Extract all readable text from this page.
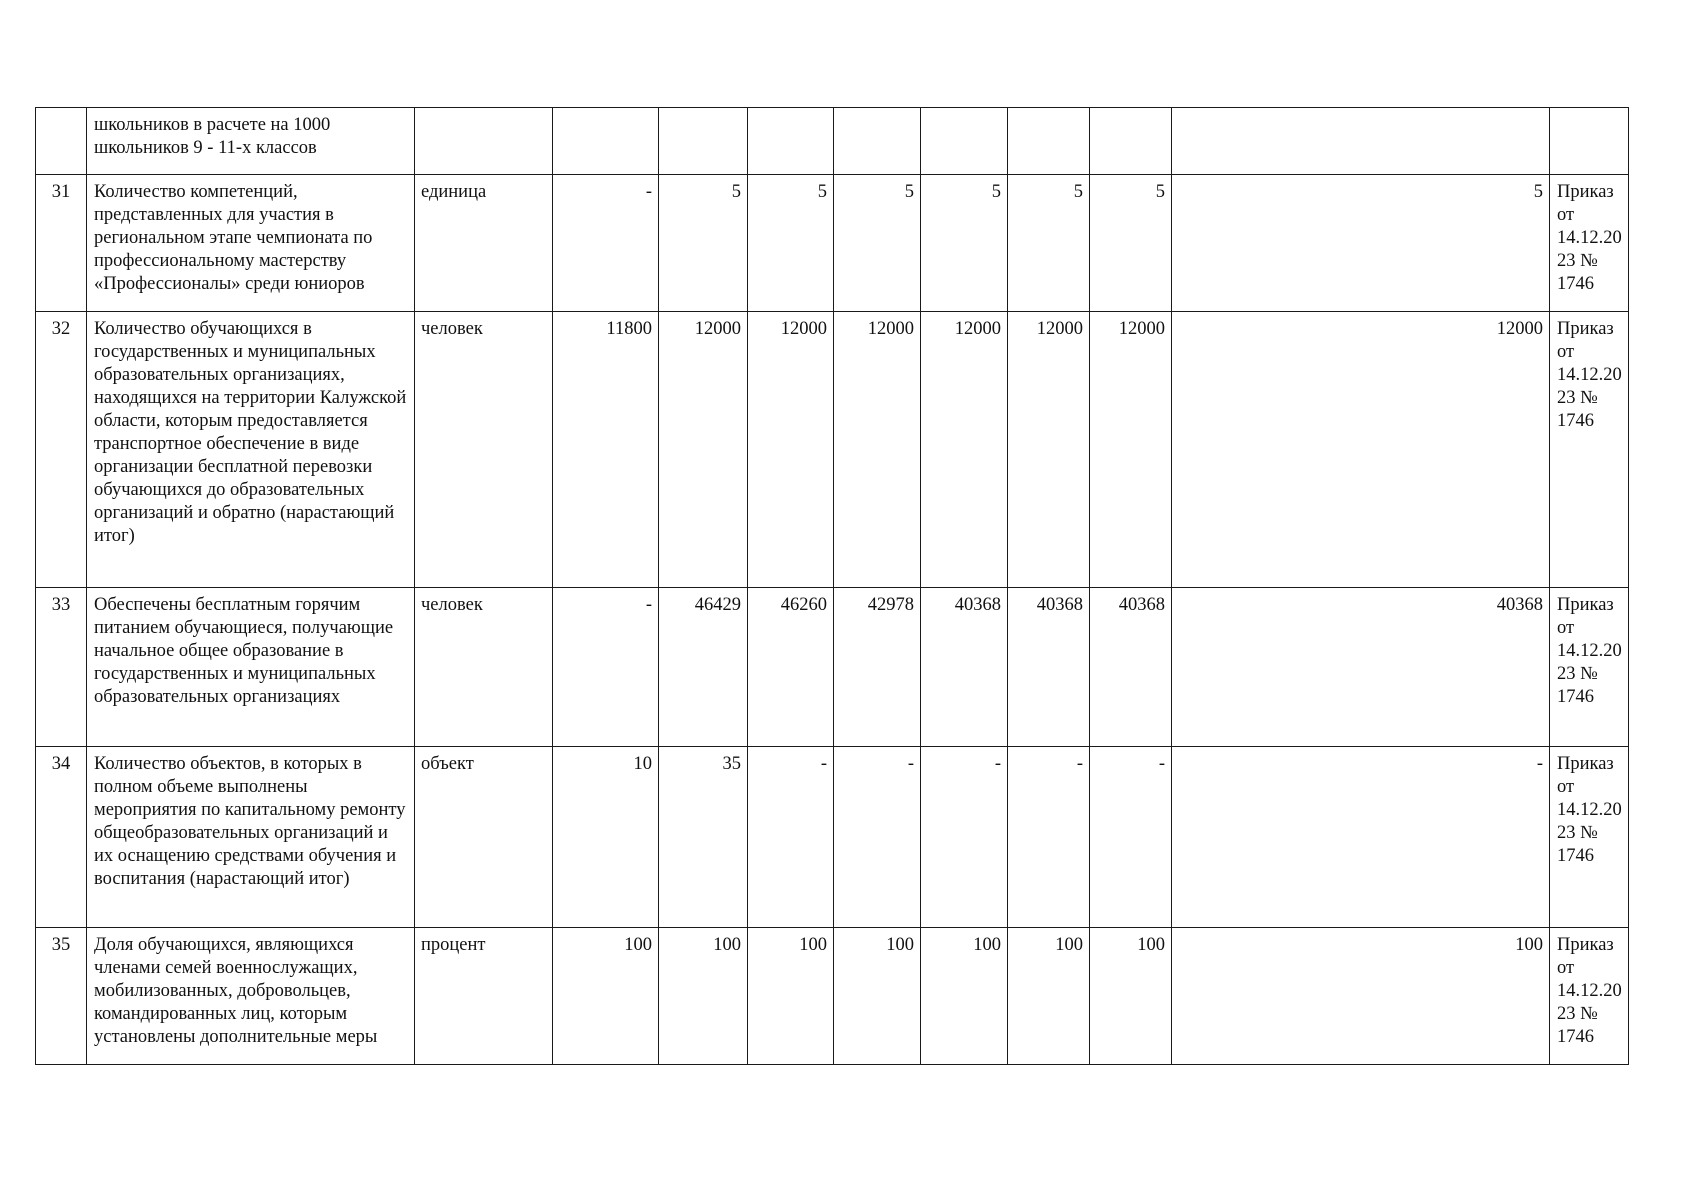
	школьников в расчете на 1000 школьников 9 - 11-х классов										
31	Количество компетенций, представленных для участия в региональном этапе чемпионата по профессиональному мастерству «Профессионалы» среди юниоров	единица	-	5	5	5	5	5	5	5	Приказ от 14.12.2023 № 1746
32	Количество обучающихся в государственных и муниципальных образовательных организациях, находящихся на территории Калужской области, которым предоставляется транспортное обеспечение в виде организации бесплатной перевозки обучающихся до образовательных организаций и обратно (нарастающий итог)	человек	11800	12000	12000	12000	12000	12000	12000	12000	Приказ от 14.12.2023 № 1746
33	Обеспечены бесплатным горячим питанием обучающиеся, получающие начальное общее образование в государственных и муниципальных образовательных организациях	человек	-	46429	46260	42978	40368	40368	40368	40368	Приказ от 14.12.2023 № 1746
34	Количество объектов, в которых в полном объеме выполнены мероприятия по капитальному ремонту общеобразовательных организаций и их оснащению средствами обучения и воспитания (нарастающий итог)	объект	10	35	-	-	-	-	-	-	Приказ от 14.12.2023 № 1746
35	Доля обучающихся, являющихся членами семей военнослужащих, мобилизованных, добровольцев, командированных лиц, которым установлены дополнительные меры	процент	100	100	100	100	100	100	100	100	Приказ от 14.12.2023 № 1746
